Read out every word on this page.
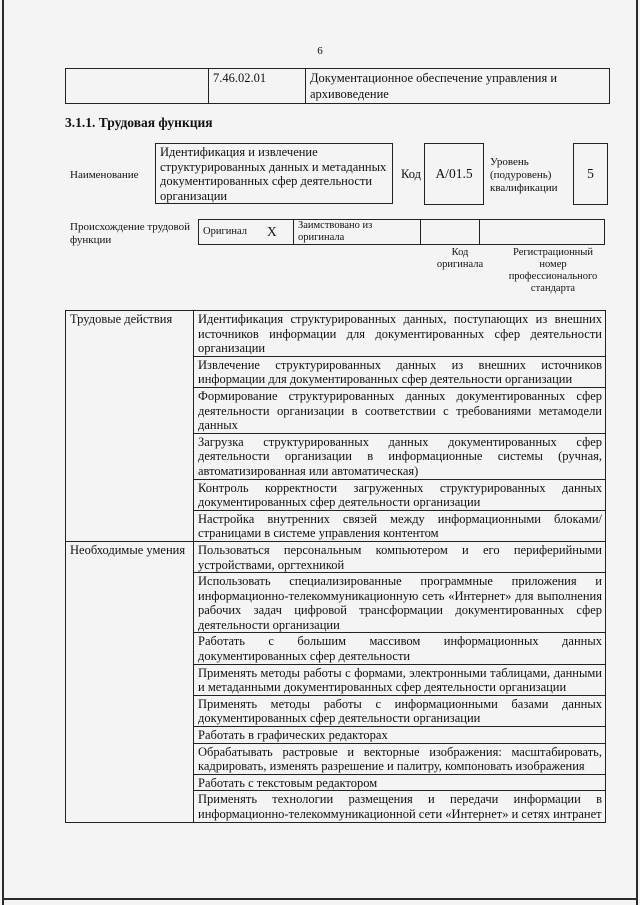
6
	7.46.02.01	Документационное обеспечение управления и архивоведение
3.1.1. Трудовая функция
Наименование
Идентификация и извлечение структурированных данных и метаданных документированных сфер деятельности организации
Код	A/01.5
Уровень (подуровень) квалификации
5
Происхождение трудовой функции
Оригинал	X	Заимствовано из оригинала		
Код оригинала
Регистрационный номер профессионального стандарта
Трудовые действия	Идентификация структурированных данных, поступающих из внешних источников информации для документированных сфер деятельности организации
	Извлечение структурированных данных из внешних источников информации для документированных сфер деятельности организации
	Формирование структурированных данных документированных сфер деятельности организации в соответствии с требованиями метамодели данных
	Загрузка структурированных данных документированных сфер деятельности организации в информационные системы (ручная, автоматизированная или автоматическая)
	Контроль корректности загруженных структурированных данных документированных сфер деятельности организации
	Настройка внутренних связей между информационными блоками/страницами в системе управления контентом
Необходимые умения	Пользоваться персональным компьютером и его периферийными устройствами, оргтехникой
	Использовать специализированные программные приложения и информационно-телекоммуникационную сеть «Интернет» для выполнения рабочих задач цифровой трансформации документированных сфер деятельности организации
	Работать с большим массивом информационных данных документированных сфер деятельности
	Применять методы работы с формами, электронными таблицами, данными и метаданными документированных сфер деятельности организации
	Применять методы работы с информационными базами данных документированных сфер деятельности организации
	Работать в графических редакторах
	Обрабатывать растровые и векторные изображения: масштабировать, кадрировать, изменять разрешение и палитру, компоновать изображения
	Работать с текстовым редактором
	Применять технологии размещения и передачи информации в информационно-телекоммуникационной сети «Интернет» и сетях интранет
